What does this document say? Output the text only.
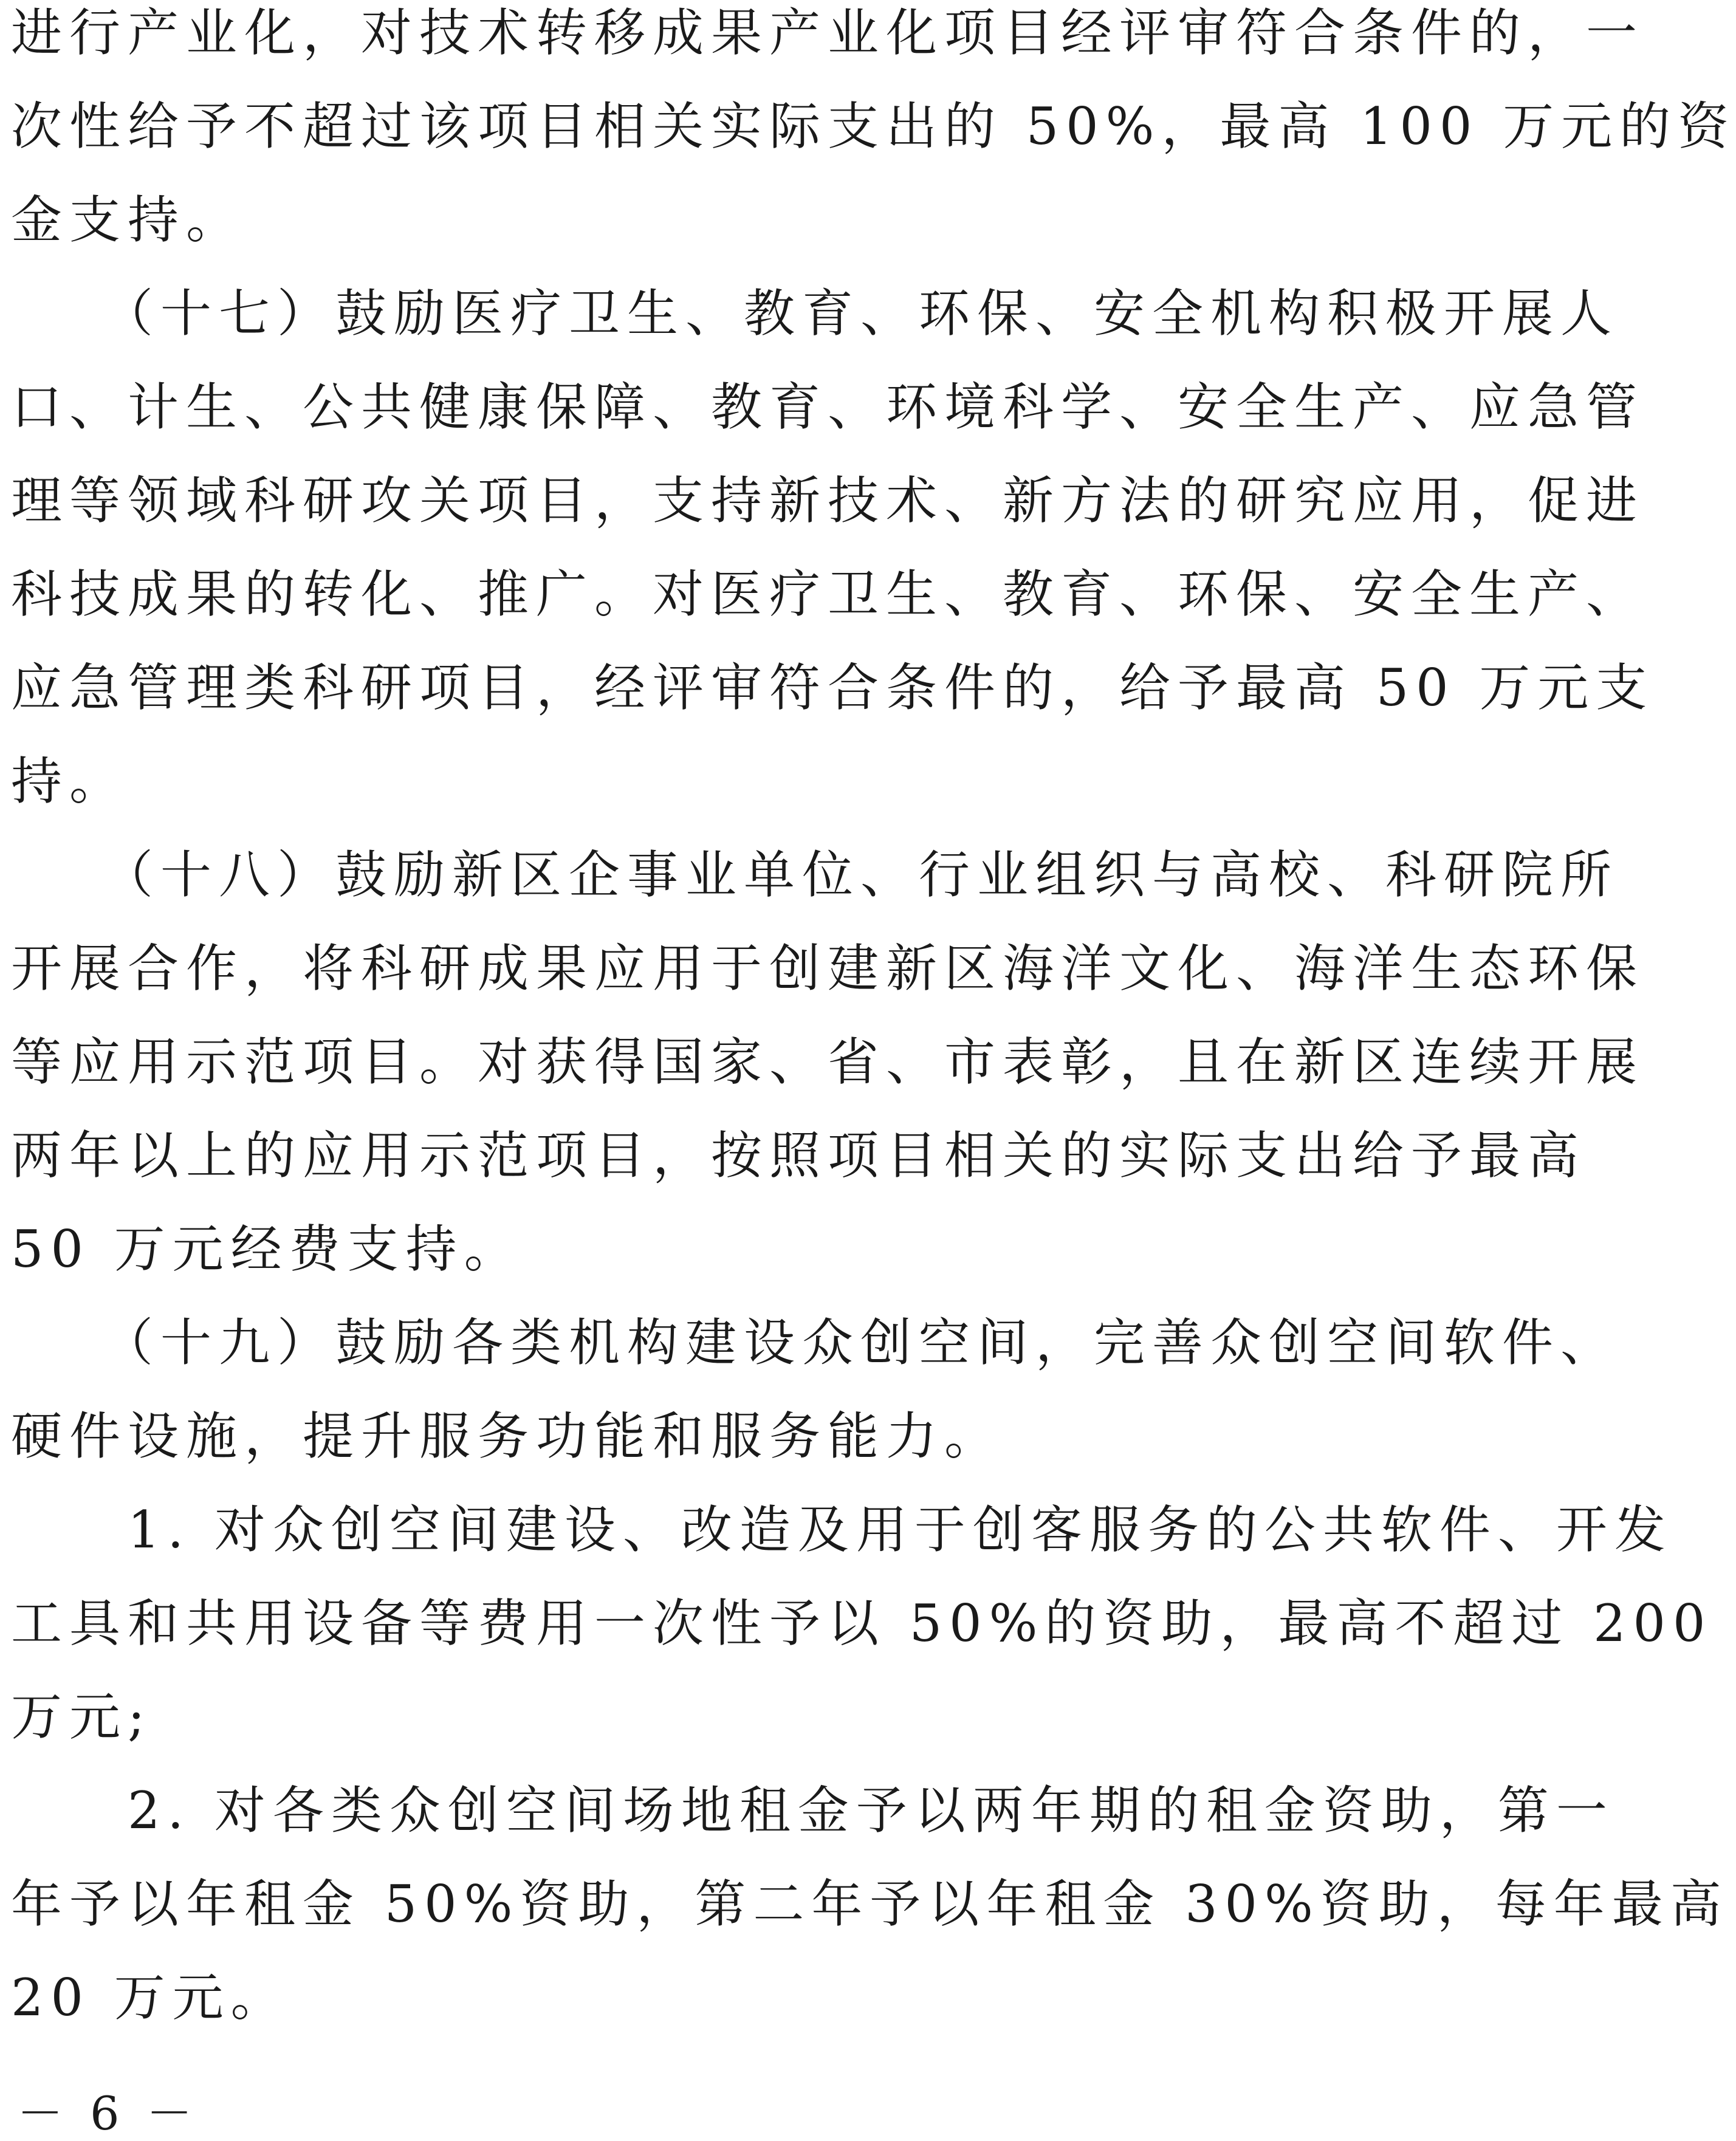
进行产业化，对技术转移成果产业化项目经评审符合条件的，一
次性给予不超过该项目相关实际支出的 50%，最高 100 万元的资
金支持。
　　（十七）鼓励医疗卫生、教育、环保、安全机构积极开展人
口、计生、公共健康保障、教育、环境科学、安全生产、应急管
理等领域科研攻关项目，支持新技术、新方法的研究应用，促进
科技成果的转化、推广。对医疗卫生、教育、环保、安全生产、
应急管理类科研项目，经评审符合条件的，给予最高 50 万元支
持。
　　（十八）鼓励新区企事业单位、行业组织与高校、科研院所
开展合作，将科研成果应用于创建新区海洋文化、海洋生态环保
等应用示范项目。对获得国家、省、市表彰，且在新区连续开展
两年以上的应用示范项目，按照项目相关的实际支出给予最高
50 万元经费支持。
　　（十九）鼓励各类机构建设众创空间，完善众创空间软件、
硬件设施，提升服务功能和服务能力。
　　1. 对众创空间建设、改造及用于创客服务的公共软件、开发
工具和共用设备等费用一次性予以 50%的资助，最高不超过 200
万元;
　　2. 对各类众创空间场地租金予以两年期的租金资助，第一
年予以年租金 50%资助，第二年予以年租金 30%资助，每年最高
20 万元。
－ 6 －
